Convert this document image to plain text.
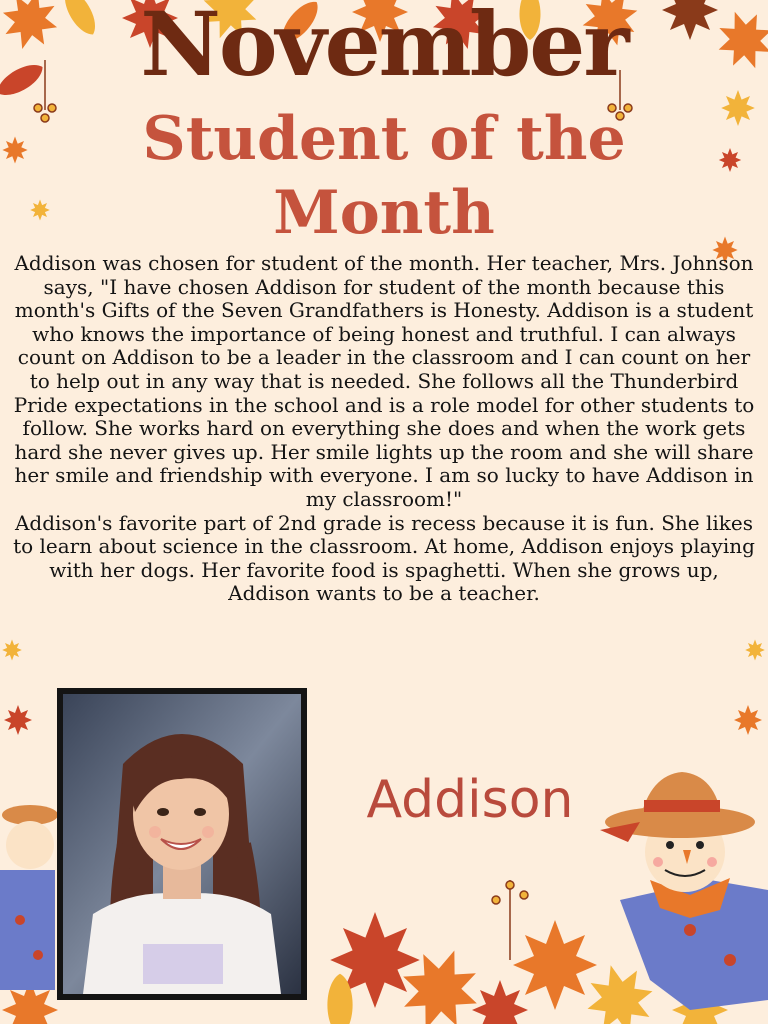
November
Student of the
Month

Addison was chosen for student of the month. Her teacher, Mrs. Johnson says, "I have chosen Addison for student of the month because this month's Gifts of the Seven Grandfathers is Honesty. Addison is a student who knows the importance of being honest and truthful. I can always count on Addison to be a leader in the classroom and I can count on her to help out in any way that is needed. She follows all the Thunderbird Pride expectations in the school and is a role model for other students to follow. She works hard on everything she does and when the work gets hard she never gives up. Her smile lights up the room and she will share her smile and friendship with everyone. I am so lucky to have Addison in my classroom!"

Addison's favorite part of 2nd grade is recess because it is fun. She likes to learn about science in the classroom. At home, Addison enjoys playing with her dogs. Her favorite food is spaghetti. When she grows up, Addison wants to be a teacher.

Addison
